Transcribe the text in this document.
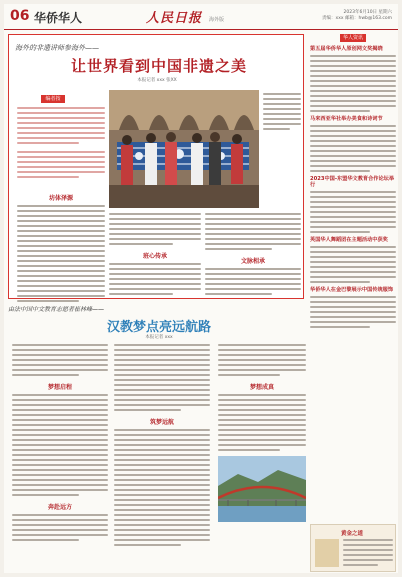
06 华侨华人	人民日报 海外版
2023年6月10日 星期六
责编：xxx 邮箱：hwb@163.com
海外的非遗讲师参海外——
让世界看到中国非遗之美
本报记者 xxx 张XX
编者按
坊体泽源
班心传承
文脉相承
华人资讯
第五届华侨华人原创网文奖揭晓
马来西亚华社举办美食和诗词节
2023中国-东盟华文教育合作论坛举行
英国华人舞蹈团在主题活动中获奖
华侨华人在金巴黎展示中国传统服饰
由法中国中文教育志愿者崔林峰——
汉教梦点亮远航路
本报记者 xxx
梦想启程
奔赴远方
筑梦远航
梦想成真
黄金之道
